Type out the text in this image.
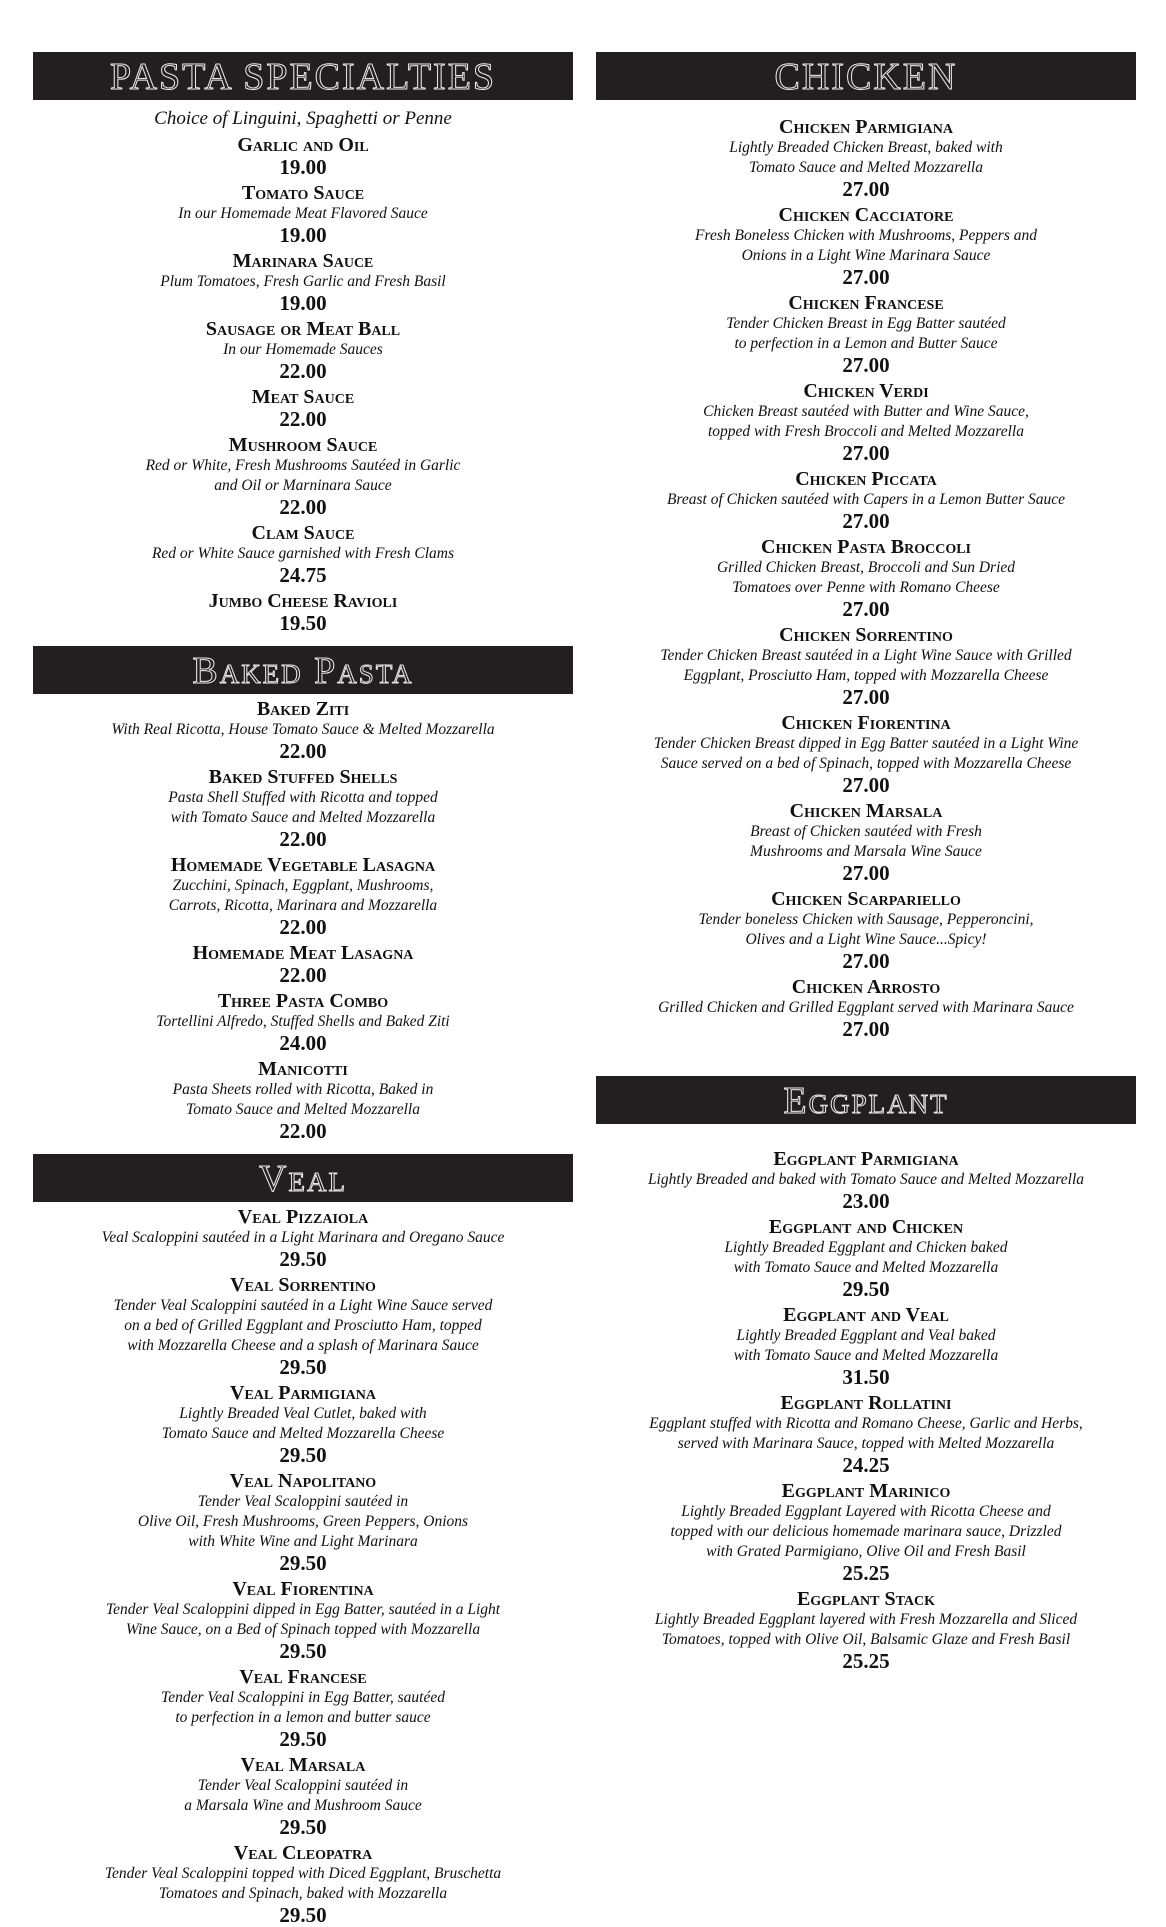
PASTA SPECIALTIES
Choice of Linguini, Spaghetti or Penne
Garlic and Oil
19.00
Tomato Sauce
In our Homemade Meat Flavored Sauce
19.00
Marinara Sauce
Plum Tomatoes, Fresh Garlic and Fresh Basil
19.00
Sausage or Meat Ball
In our Homemade Sauces
22.00
Meat Sauce
22.00
Mushroom Sauce
Red or White, Fresh Mushrooms Sautéed in Garlic
and Oil or Marninara Sauce
22.00
Clam Sauce
Red or White Sauce garnished with Fresh Clams
24.75
Jumbo Cheese Ravioli
19.50
Baked Pasta
Baked Ziti
With Real Ricotta, House Tomato Sauce & Melted Mozzarella
22.00
Baked Stuffed Shells
Pasta Shell Stuffed with Ricotta and topped
with Tomato Sauce and Melted Mozzarella
22.00
Homemade Vegetable Lasagna
Zucchini, Spinach, Eggplant, Mushrooms,
Carrots, Ricotta, Marinara and Mozzarella
22.00
Homemade Meat Lasagna
22.00
Three Pasta Combo
Tortellini Alfredo, Stuffed Shells and Baked Ziti
24.00
Manicotti
Pasta Sheets rolled with Ricotta, Baked in
Tomato Sauce and Melted Mozzarella
22.00
Veal
Veal Pizzaiola
Veal Scaloppini sautéed in a Light Marinara and Oregano Sauce
29.50
Veal Sorrentino
Tender Veal Scaloppini sautéed in a Light Wine Sauce served
on a bed of Grilled Eggplant and Prosciutto Ham, topped
with Mozzarella Cheese and a splash of Marinara Sauce
29.50
Veal Parmigiana
Lightly Breaded Veal Cutlet, baked with
Tomato Sauce and Melted Mozzarella Cheese
29.50
Veal Napolitano
Tender Veal Scaloppini sautéed in
Olive Oil, Fresh Mushrooms, Green Peppers, Onions
with White Wine and Light Marinara
29.50
Veal Fiorentina
Tender Veal Scaloppini dipped in Egg Batter, sautéed in a Light
Wine Sauce, on a Bed of Spinach topped with Mozzarella
29.50
Veal Francese
Tender Veal Scaloppini in Egg Batter, sautéed
to perfection in a lemon and butter sauce
29.50
Veal Marsala
Tender Veal Scaloppini sautéed in
a Marsala Wine and Mushroom Sauce
29.50
Veal Cleopatra
Tender Veal Scaloppini topped with Diced Eggplant, Bruschetta
Tomatoes and Spinach, baked with Mozzarella
29.50
CHICKEN
Chicken Parmigiana
Lightly Breaded Chicken Breast, baked with
Tomato Sauce and Melted Mozzarella
27.00
Chicken Cacciatore
Fresh Boneless Chicken with Mushrooms, Peppers and
Onions in a Light Wine Marinara Sauce
27.00
Chicken Francese
Tender Chicken Breast in Egg Batter sautéed
to perfection in a Lemon and Butter Sauce
27.00
Chicken Verdi
Chicken Breast sautéed with Butter and Wine Sauce,
topped with Fresh Broccoli and Melted Mozzarella
27.00
Chicken Piccata
Breast of Chicken sautéed with Capers in a Lemon Butter Sauce
27.00
Chicken Pasta Broccoli
Grilled Chicken Breast, Broccoli and Sun Dried
Tomatoes over Penne with Romano Cheese
27.00
Chicken Sorrentino
Tender Chicken Breast sautéed in a Light Wine Sauce with Grilled
Eggplant, Prosciutto Ham, topped with Mozzarella Cheese
27.00
Chicken Fiorentina
Tender Chicken Breast dipped in Egg Batter sautéed in a Light Wine
Sauce served on a bed of Spinach, topped with Mozzarella Cheese
27.00
Chicken Marsala
Breast of Chicken sautéed with Fresh
Mushrooms and Marsala Wine Sauce
27.00
Chicken Scarpariello
Tender boneless Chicken with Sausage, Pepperoncini,
Olives and a Light Wine Sauce...Spicy!
27.00
Chicken Arrosto
Grilled Chicken and Grilled Eggplant served with Marinara Sauce
27.00
Eggplant
Eggplant Parmigiana
Lightly Breaded and baked with Tomato Sauce and Melted Mozzarella
23.00
Eggplant and Chicken
Lightly Breaded Eggplant and Chicken baked
with Tomato Sauce and Melted Mozzarella
29.50
Eggplant and Veal
Lightly Breaded Eggplant and Veal baked
with Tomato Sauce and Melted Mozzarella
31.50
Eggplant Rollatini
Eggplant stuffed with Ricotta and Romano Cheese, Garlic and Herbs,
served with Marinara Sauce, topped with Melted Mozzarella
24.25
Eggplant Marinico
Lightly Breaded Eggplant Layered with Ricotta Cheese and
topped with our delicious homemade marinara sauce, Drizzled
with Grated Parmigiano, Olive Oil and Fresh Basil
25.25
Eggplant Stack
Lightly Breaded Eggplant layered with Fresh Mozzarella and Sliced
Tomatoes, topped with Olive Oil, Balsamic Glaze and Fresh Basil
25.25
